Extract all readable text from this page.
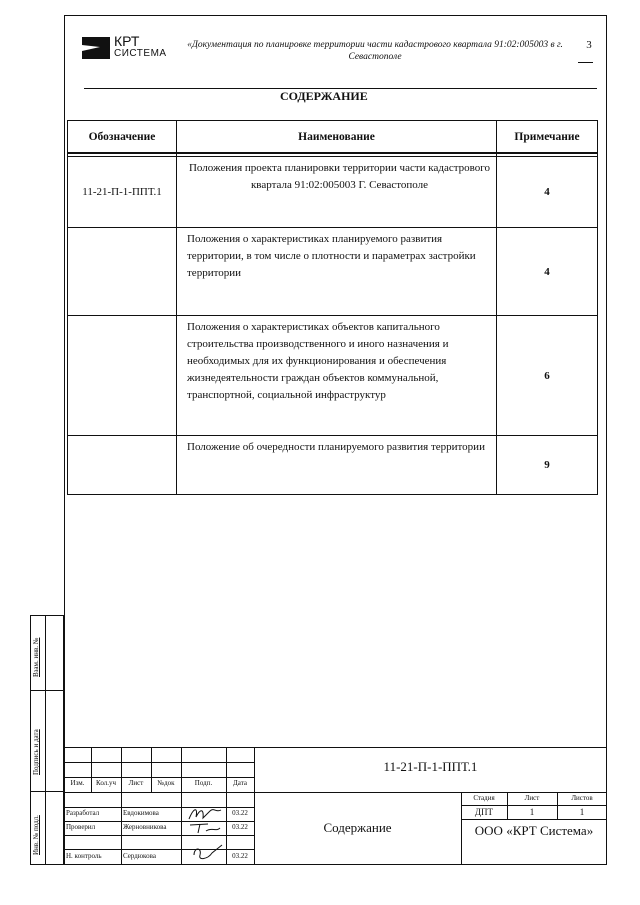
КРТ
СИСТЕМА
«Документация по планировке территории части кадастрового квартала 91:02:005003 в г. Севастополе
3
СОДЕРЖАНИЕ
Обозначение	Наименование	Примечание

11-21-П-1-ППТ.1	Положения проекта планировки территории части кадастрового квартала 91:02:005003 Г. Севастополе	4
	Положения о характеристиках планируемого развития территории, в том числе о плотности и параметрах застройки территории	4
	Положения о характеристиках объектов капитального строительства производственного и иного назначения и необходимых для их функционирования и обеспечения жизнедеятельности граждан объектов коммунальной, транспортной, социальной инфраструктур	6
	Положение об очередности планируемого развития территории	9
Взам. инв. №
Подпись и дата
Инв. № подл.
Изм.	Кол.уч	Лист	№док	Подп.	Дата
Разработал	Евдокимова	03.22
Проверил	Жерновникова	03.22
Н. контроль	Сердюкова	03.22
11-21-П-1-ППТ.1
Содержание
Стадия	Лист	Листов
ДПТ	1	1
ООО «КРТ Система»
